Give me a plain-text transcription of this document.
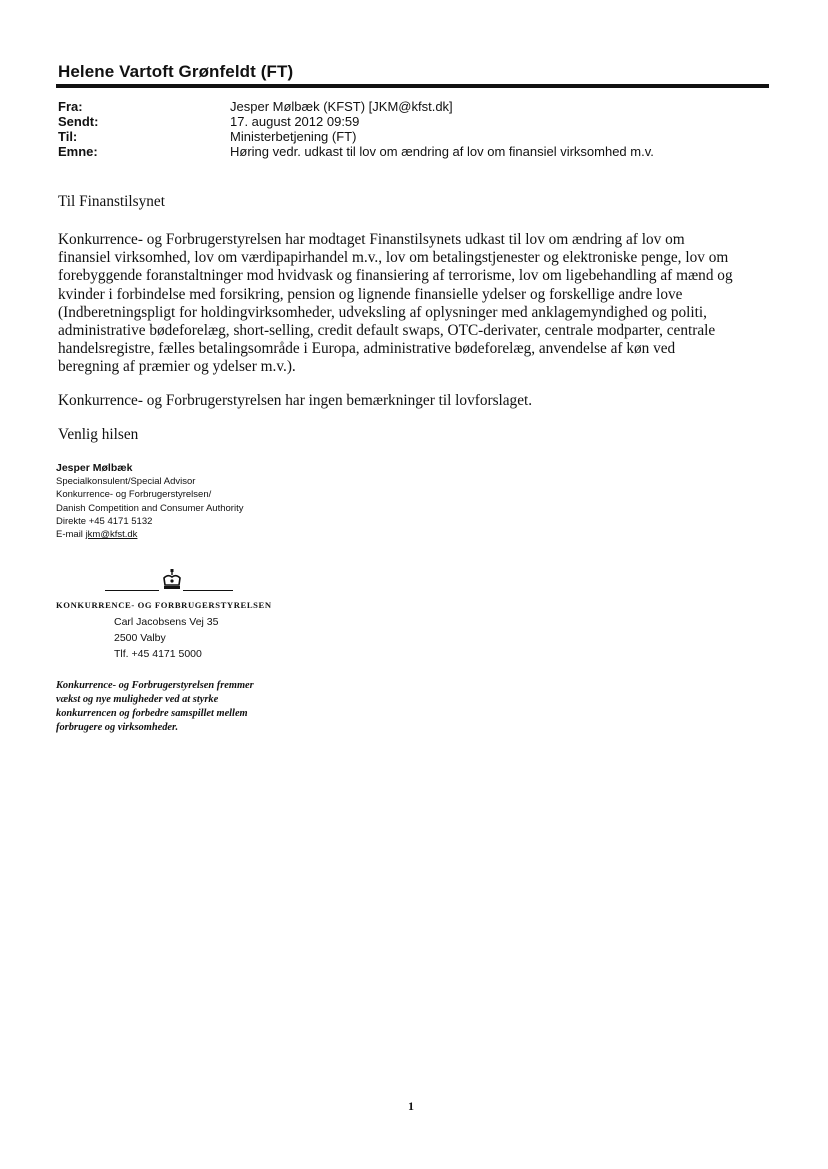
Helene Vartoft Grønfeldt (FT)
Fra:	Jesper Mølbæk (KFST) [JKM@kfst.dk]
Sendt:	17. august 2012 09:59
Til:	Ministerbetjening (FT)
Emne:	Høring vedr. udkast til lov om ændring af lov om finansiel virksomhed m.v.
Til Finanstilsynet
Konkurrence- og Forbrugerstyrelsen har modtaget Finanstilsynets udkast til lov om ændring af lov om
finansiel virksomhed, lov om værdipapirhandel m.v., lov om betalingstjenester og elektroniske penge, lov om
forebyggende foranstaltninger mod hvidvask og finansiering af terrorisme, lov om ligebehandling af mænd og
kvinder i forbindelse med forsikring, pension og lignende finansielle ydelser og forskellige andre love
(Indberetningspligt for holdingvirksomheder, udveksling af oplysninger med anklagemyndighed og politi,
administrative bødeforelæg, short-selling, credit default swaps, OTC-derivater, centrale modparter, centrale
handelsregistre, fælles betalingsområde i Europa, administrative bødeforelæg, anvendelse af køn ved
beregning af præmier og ydelser m.v.).
Konkurrence- og Forbrugerstyrelsen har ingen bemærkninger til lovforslaget.
Venlig hilsen
Jesper Mølbæk
Specialkonsulent/Special Advisor
Konkurrence- og Forbrugerstyrelsen/
Danish Competition and Consumer Authority
Direkte +45 4171 5132
E-mail jkm@kfst.dk
KONKURRENCE- OG FORBRUGERSTYRELSEN
Carl Jacobsens Vej 35
2500 Valby
Tlf. +45 4171 5000
Konkurrence- og Forbrugerstyrelsen fremmer
vækst og nye muligheder ved at styrke
konkurrencen og forbedre samspillet mellem
forbrugere og virksomheder.
1
